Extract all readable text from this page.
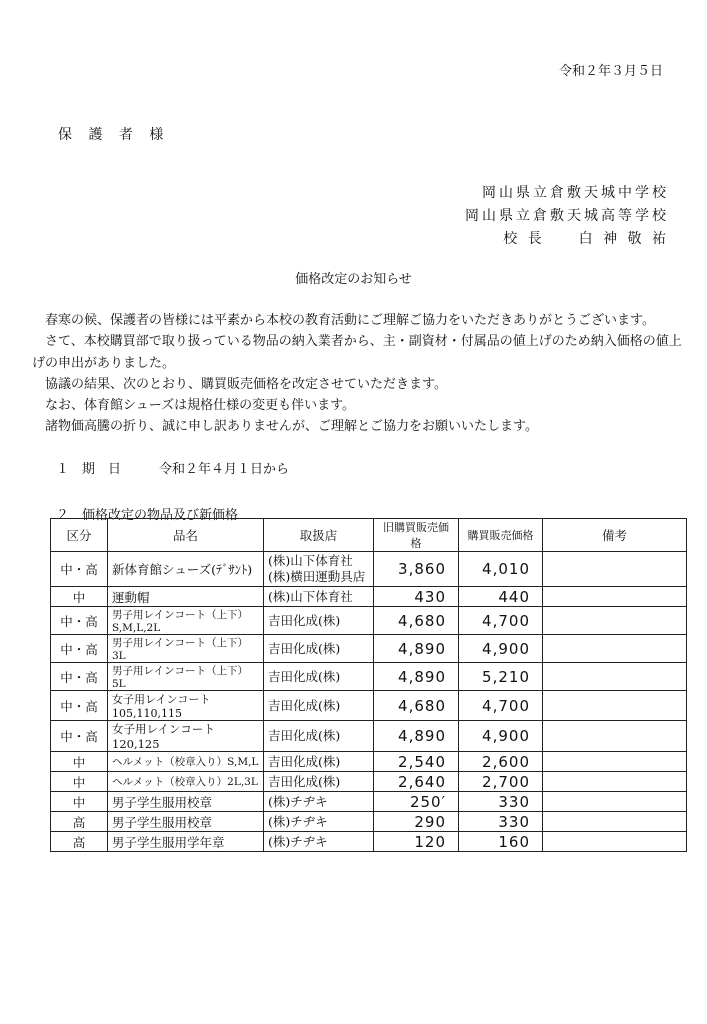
令和２年３月５日
保 護 者 様
岡山県立倉敷天城中学校
岡山県立倉敷天城高等学校
校 長　　白 神 敬 祐
価格改定のお知らせ

春寒の候、保護者の皆様には平素から本校の教育活動にご理解ご協力をいただきありがとうございます。

さて、本校購買部で取り扱っている物品の納入業者から、主・副資材・付属品の値上げのため納入価格の値上げの申出がありました。

協議の結果、次のとおり、購買販売価格を改定させていただきます。

なお、体育館シューズは規格仕様の変更も伴います。

諸物価高騰の折り、誠に申し訳ありませんが、ご理解とご協力をお願いいたします。

１　期　日	令和２年４月１日から
２　価格改定の物品及び新価格
区分	品名	取扱店	旧購買販売価格	購買販売価格	備考
中・高	新体育館シューズ(ﾃﾞｻﾝﾄ)	(株)山下体育社
(株)横田運動具店	3,860	4,010	
中	運動帽	(株)山下体育社	430	440	
中・高	男子用レインコート（上下）S,M,L,2L	吉田化成(株)	4,680	4,700	
中・高	男子用レインコート（上下）3L	吉田化成(株)	4,890	4,900	
中・高	男子用レインコート（上下）5L	吉田化成(株)	4,890	5,210	
中・高	女子用レインコート105,110,115	吉田化成(株)	4,680	4,700	
中・高	女子用レインコート120,125	吉田化成(株)	4,890	4,900	
中	ヘルメット（校章入り）S,M,L	吉田化成(株)	2,540	2,600	
中	ヘルメット（校章入り）2L,3L	吉田化成(株)	2,640	2,700	
中	男子学生服用校章	(株)チヂキ	250′	330	
高	男子学生服用校章	(株)チヂキ	290	330	
高	男子学生服用学年章	(株)チヂキ	120	160	
